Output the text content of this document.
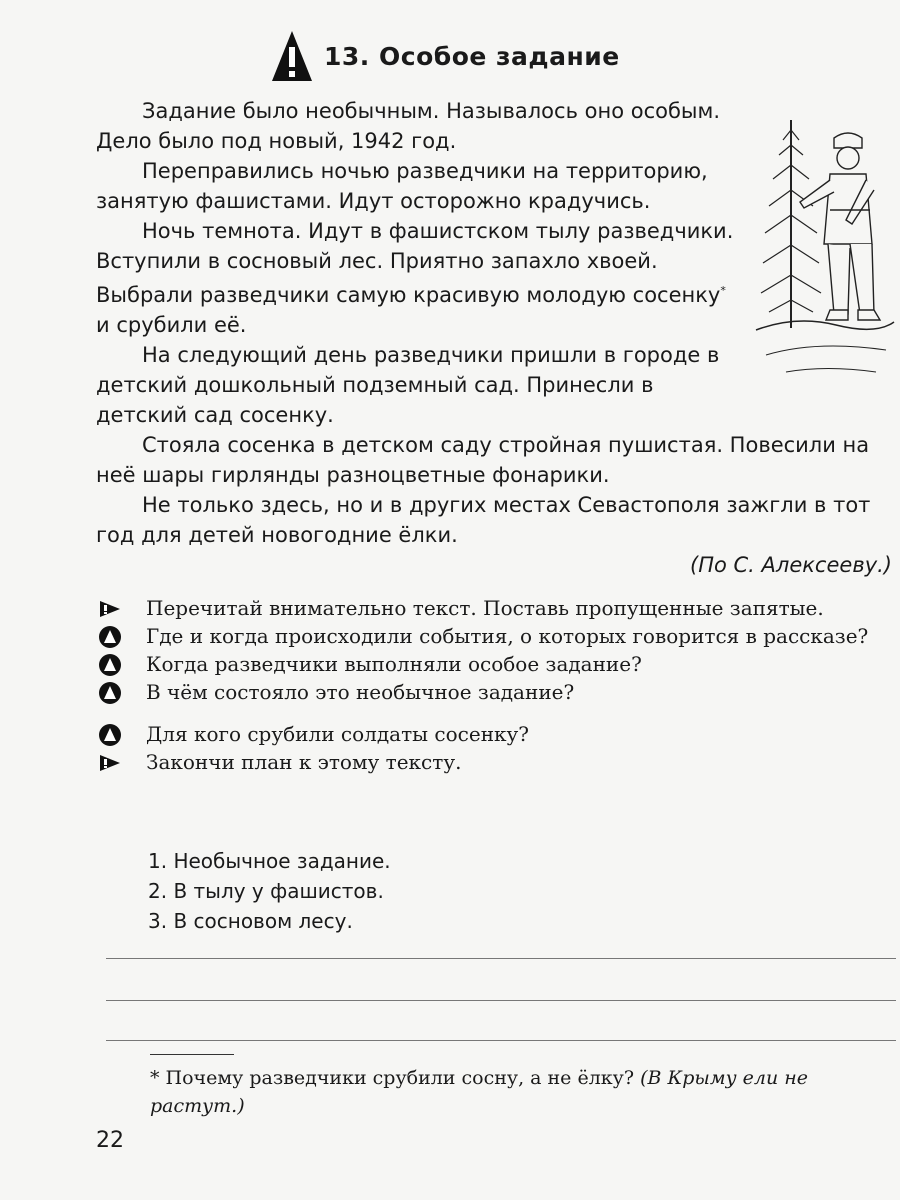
13. Особое задание

Задание было необычным. Называлось оно особым. Дело было под новый, 1942 год.

Переправились ночью разведчики на территорию, занятую фашистами. Идут осторожно крадучись.

Ночь темнота. Идут в фашистском тылу разведчики. Вступили в сосновый лес. Приятно запахло хвоей. Выбрали разведчики самую красивую молодую сосенку* и срубили её.

На следующий день разведчики пришли в городе в детский дошкольный подземный сад. Принесли в детский сад сосенку.

Стояла сосенка в детском саду стройная пушистая. Повесили на неё шары гирлянды разноцветные фонарики.

Не только здесь, но и в других местах Севастополя зажгли в тот год для детей новогодние ёлки.

(По С. Алексееву.)

Перечитай внимательно текст. Поставь пропущенные запятые.

Где и когда происходили события, о которых говорится в рассказе?

Когда разведчики выполняли особое задание?

В чём состояло это необычное задание?

Для кого срубили солдаты сосенку?

Закончи план к этому тексту.

1. Необычное задание.
2. В тылу у фашистов.
3. В сосновом лесу.
* Почему разведчики срубили сосну, а не ёлку? (В Крыму ели не растут.)
22
